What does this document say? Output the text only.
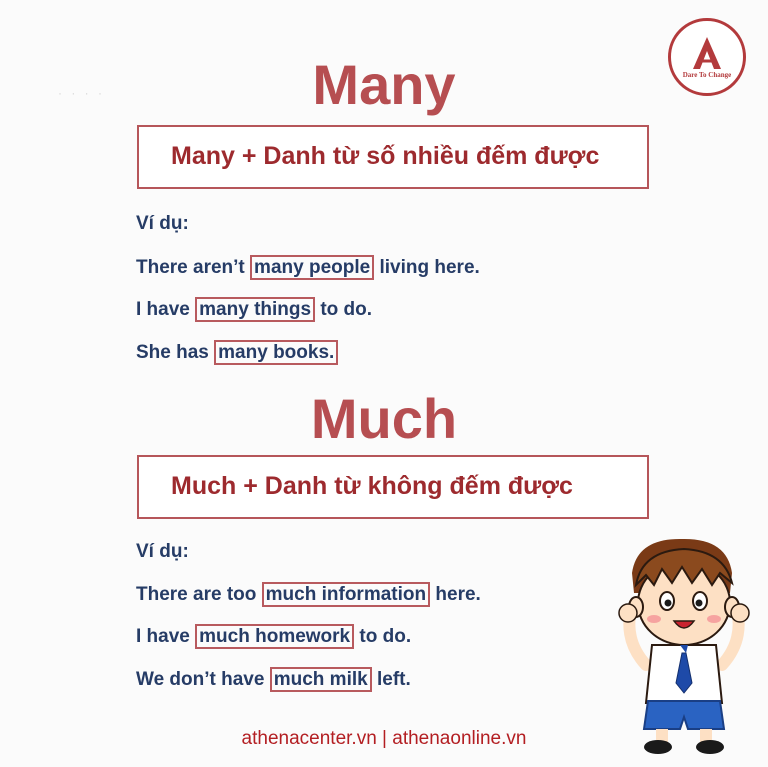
· · · ·
Dare To Change
Many
Many + Danh từ số nhiều đếm được
Ví dụ:
There aren’t many people living here.
I have many things to do.
She has many books.
Much
Much + Danh từ không đếm được
Ví dụ:
There are too much information here.
I have much homework to do.
We don’t have much milk left.
athenacenter.vn | athenaonline.vn
